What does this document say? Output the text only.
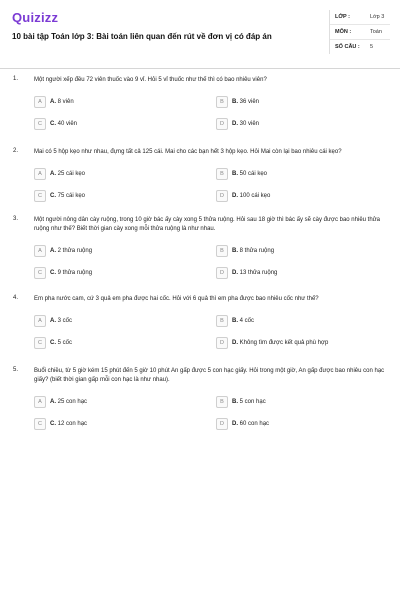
Quizizz
10 bài tập Toán lớp 3: Bài toán liên quan đến rút về đơn vị có đáp án
LỚP :	Lớp 3
MÔN :	Toán
SỐ CÂU : 5
1.	Một người xếp đều 72 viên thuốc vào 9 vỉ. Hỏi 5 vỉ thuốc như thế thì có bao nhiêu viên?
A	A. 8 viên	B	B. 36 viên
C	C. 40 viên	D	D. 30 viên
2.	Mai có 5 hộp kẹo như nhau, đựng tất cả 125 cái. Mai cho các bạn hết 3 hộp kẹo. Hỏi Mai còn lại bao nhiêu cái kẹo?
A	A. 25 cái kẹo	B	B. 50 cái kẹo
C	C. 75 cái kẹo	D	D. 100 cái kẹo
3.	Một người nông dân cày ruộng, trong 10 giờ bác ấy cày xong 5 thửa ruộng. Hỏi sau 18 giờ thì bác ấy sẽ cày được bao nhiêu thửa ruộng như thế? Biết thời gian cày xong mỗi thửa ruộng là như nhau.
A	A. 2 thửa ruộng	B	B. 8 thửa ruộng
C	C. 9 thửa ruộng	D	D. 13 thửa ruộng
4.	Em pha nước cam, cứ 3 quả em pha được hai cốc. Hỏi với 6 quả thì em pha được bao nhiêu cốc như thế?
A	A. 3 cốc	B	B. 4 cốc
C	C. 5 cốc	D	D. Không tìm được kết quả phù hợp
5.	Buổi chiều, từ 5 giờ kém 15 phút đến 5 giờ 10 phút An gấp được 5 con hạc giấy. Hỏi trong một giờ, An gấp được bao nhiêu con hạc giấy? (biết thời gian gấp mỗi con hạc là như nhau).
A	A. 25 con hạc	B	B. 5 con hạc
C	C. 12 con hạc	D	D. 60 con hạc
